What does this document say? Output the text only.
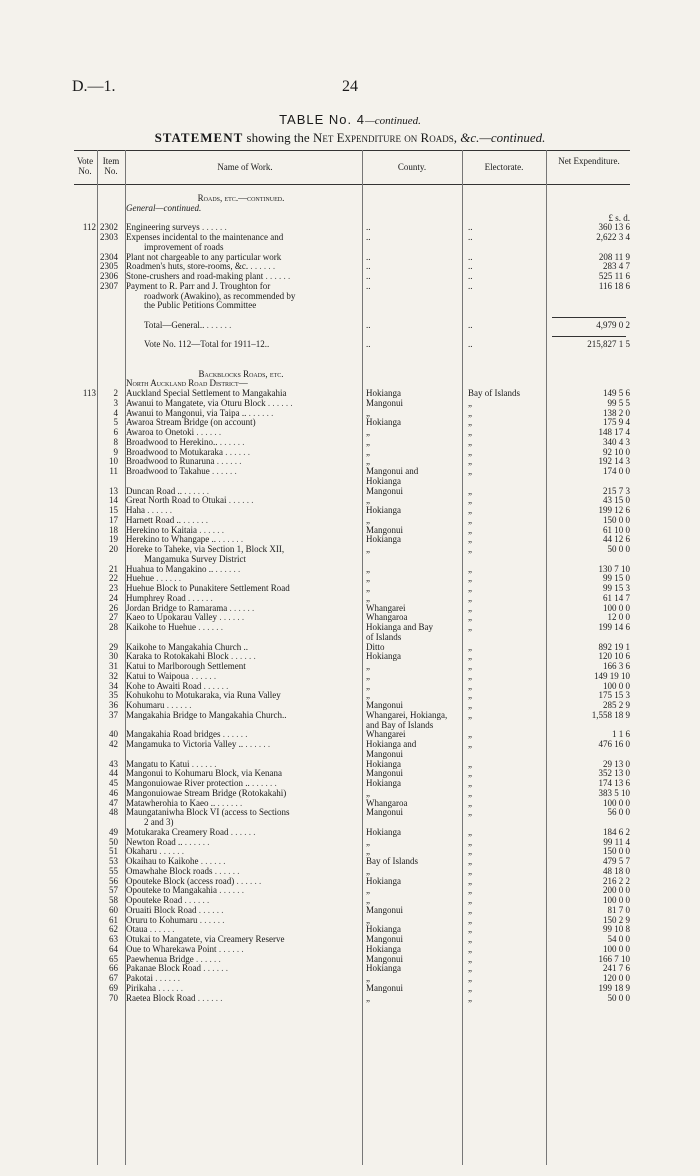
D.—1.	24
TABLE No. 4—continued.
STATEMENT showing the Net Expenditure on Roads, &c.—continued.
Vote No.
Item No.	Name of Work.	County.	Electorate.
Net Expenditure.
Roads, etc.—continued.
General—continued.
£ s. d.
112 2302 Engineering surveys . . . . . .	..	..	360 13 6
2303 Expenses incidental to the maintenance and	..	..	2,622 3 4
improvement of roads
2304 Plant not chargeable to any particular work	..	..	208 11 9
2305 Roadmen's huts, store-rooms, &c. . . . . . .	..	..	283 4 7
2306 Stone-crushers and road-making plant . . . . . .	..	..	525 11 6
2307 Payment to R. Parr and J. Troughton for	..	..	116 18 6
roadwork (Awakino), as recommended by
the Public Petitions Committee
Total—General.. . . . . . .	..	..	4,979 0 2
Vote No. 112—Total for 1911–12..	..	..	215,827 1 5
Backblocks Roads, etc.
North Auckland Road District—
113	2 Auckland Special Settlement to Mangakahia	Hokianga	Bay of Islands	149 5 6
3 Awanui to Mangatete, via Oturu Block . . . . . .	Mangonui	„	99 5 5
4 Awanui to Mangonui, via Taipa .. . . . . . .	„	„	138 2 0
5 Awaroa Stream Bridge (on account)	Hokianga	„	175 9 4
6 Awaroa to Onetoki . . . . . .	„	„	148 17 4
8 Broadwood to Herekino.. . . . . . .	„	„	340 4 3
9 Broadwood to Motukaraka . . . . . .	„	„	92 10 0
10 Broadwood to Runaruna . . . . . .	„	„	192 14 3
11 Broadwood to Takahue . . . . . .	Mangonui and	„	174 0 0
Hokianga
13 Duncan Road .. . . . . . .	Mangonui	„	215 7 3
14 Great North Road to Otukai . . . . . .	„	„	43 15 0
15 Haha . . . . . .	Hokianga	„	199 12 6
17 Harnett Road .. . . . . . .	„	„	150 0 0
18 Herekino to Kaitaia . . . . . .	Mangonui	„	61 10 0
19 Herekino to Whangape .. . . . . . .	Hokianga	„	44 12 6
20 Horeke to Taheke, via Section 1, Block XII,	„	„	50 0 0
Mangamuka Survey District
21 Huahua to Mangakino .. . . . . . .	„	„	130 7 10
22 Huehue . . . . . .	„	„	99 15 0
23 Huehue Block to Punakitere Settlement Road	„	„	99 15 3
24 Humphrey Road . . . . . .	„	„	61 14 7
26 Jordan Bridge to Ramarama . . . . . .	Whangarei	„	100 0 0
27 Kaeo to Upokarau Valley . . . . . .	Whangaroa	„	12 0 0
28 Kaikohe to Huehue . . . . . .	Hokianga and Bay	„	199 14 6
of Islands
29 Kaikohe to Mangakahia Church ..	Ditto	„	892 19 1
30 Karaka to Rotokakahi Block . . . . . .	Hokianga	„	120 10 6
31 Katui to Marlborough Settlement	„	„	166 3 6
32 Katui to Waipoua . . . . . .	„	„	149 19 10
34 Kohe to Awaiti Road . . . . . .	„	„	100 0 0
35 Kohukohu to Motukaraka, via Runa Valley	„	„	175 15 3
36 Kohumaru . . . . . .	Mangonui	„	285 2 9
37 Mangakahia Bridge to Mangakahia Church..	Whangarei, Hokianga,	„	1,558 18 9
and Bay of Islands
40 Mangakahia Road bridges . . . . . .	Whangarei	„	1 1 6
42 Mangamuka to Victoria Valley .. . . . . . .	Hokianga and	„	476 16 0
Mangonui
43 Mangatu to Katui . . . . . .	Hokianga	„	29 13 0
44 Mangonui to Kohumaru Block, via Kenana	Mangonui	„	352 13 0
45 Mangonuiowae River protection .. . . . . . .	Hokianga	„	174 13 6
46 Mangonuiowae Stream Bridge (Rotokakahi)	„	„	383 5 10
47 Matawherohia to Kaeo .. . . . . . .	Whangaroa	„	100 0 0
48 Maungataniwha Block VI (access to Sections	Mangonui	„	56 0 0
2 and 3)
49 Motukaraka Creamery Road . . . . . .	Hokianga	„	184 6 2
50 Newton Road .. . . . . . .	„	„	99 11 4
51 Okaharu . . . . . .	„	„	150 0 0
53 Okaihau to Kaikohe . . . . . .	Bay of Islands	„	479 5 7
55 Omawhahe Block roads . . . . . .	„	„	48 18 0
56 Opouteke Block (access road) . . . . . .	Hokianga	„	216 2 2
57 Opouteke to Mangakahia . . . . . .	„	„	200 0 0
58 Opouteke Road . . . . . .	„	„	100 0 0
60 Oruaiti Block Road . . . . . .	Mangonui	„	81 7 0
61 Oruru to Kohumaru . . . . . .	„	„	150 2 9
62 Otaua . . . . . .	Hokianga	„	99 10 8
63 Otukai to Mangatete, via Creamery Reserve	Mangonui	„	54 0 0
64 Oue to Wharekawa Point . . . . . .	Hokianga	„	100 0 0
65 Paewhenua Bridge . . . . . .	Mangonui	„	166 7 10
66 Pakanae Block Road . . . . . .	Hokianga	„	241 7 6
67 Pakotai . . . . . .	„	„	120 0 0
69 Pirikaha . . . . . .	Mangonui	„	199 18 9
70 Raetea Block Road . . . . . .	„	„	50 0 0
